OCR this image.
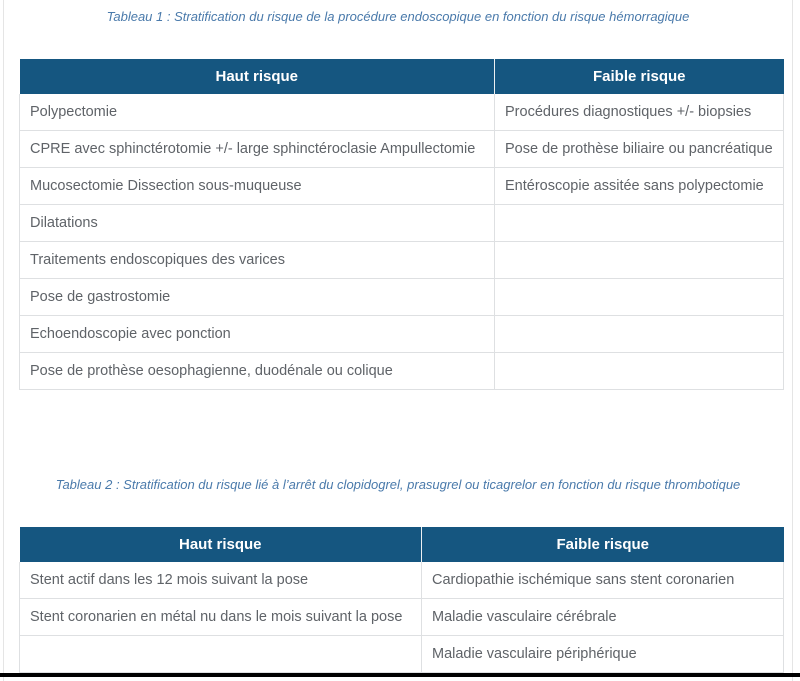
Tableau 1 : Stratification du risque de la procédure endoscopique en fonction du risque hémorragique

Haut risque	Faible risque
Polypectomie	Procédures diagnostiques +/- biopsies
CPRE avec sphinctérotomie +/- large sphinctéroclasie Ampullectomie	Pose de prothèse biliaire ou pancréatique
Mucosectomie Dissection sous-muqueuse	Entéroscopie assitée sans polypectomie
Dilatations	
Traitements endoscopiques des varices	
Pose de gastrostomie	
Echoendoscopie avec ponction	
Pose de prothèse oesophagienne, duodénale ou colique	

Tableau 2 : Stratification du risque lié à l’arrêt du clopidogrel, prasugrel ou ticagrelor en fonction du risque thrombotique

Haut risque	Faible risque
Stent actif dans les 12 mois suivant la pose	Cardiopathie ischémique sans stent coronarien
Stent coronarien en métal nu dans le mois suivant la pose	Maladie vasculaire cérébrale
	Maladie vasculaire périphérique
